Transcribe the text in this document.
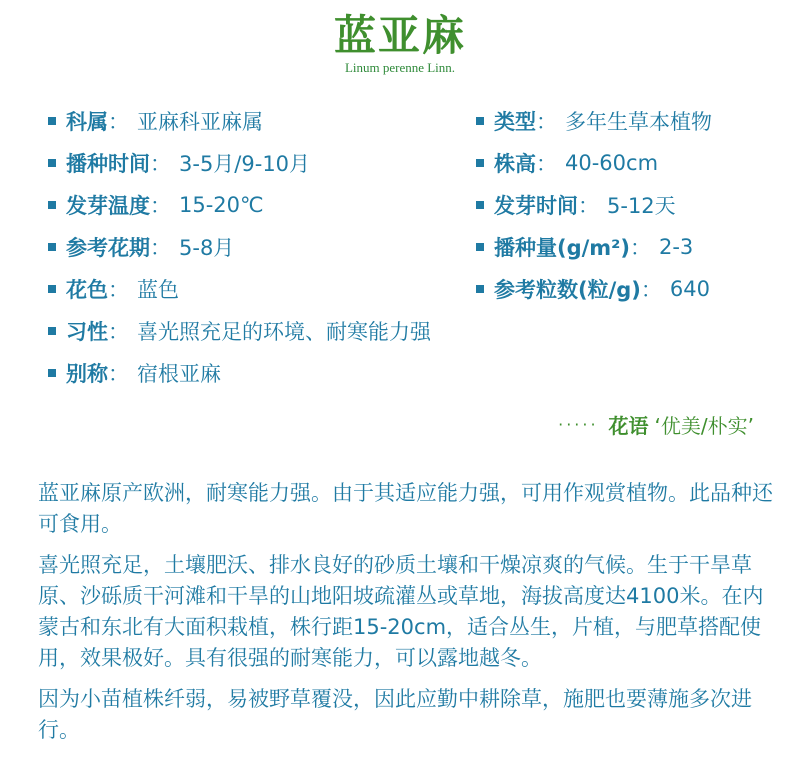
蓝亚麻
Linum perenne Linn.
科属 ： 亚麻科亚麻属	类型 ： 多年生草本植物
播种时间 ： 3-5月/9-10月	株高 ： 40-60cm
发芽温度 ： 15-20℃	发芽时间 ： 5-12天
参考花期 ： 5-8月	播种量(g/m²) ： 2-3
花色 ： 蓝色	参考粒数(粒/g) ： 640
习性 ： 喜光照充足的环境、耐寒能力强
别称 ： 宿根亚麻
····· 花语 ‘优美/朴实’

蓝亚麻原产欧洲，耐寒能力强。由于其适应能力强，可用作观赏植物。此品种还可食用。

喜光照充足，土壤肥沃、排水良好的砂质土壤和干燥凉爽的气候。生于干旱草原、沙砾质干河滩和干旱的山地阳坡疏灌丛或草地，海拔高度达4100米。在内蒙古和东北有大面积栽植，株行距15-20cm，适合丛生，片植，与肥草搭配使用，效果极好。具有很强的耐寒能力，可以露地越冬。

因为小苗植株纤弱，易被野草覆没，因此应勤中耕除草，施肥也要薄施多次进行。
